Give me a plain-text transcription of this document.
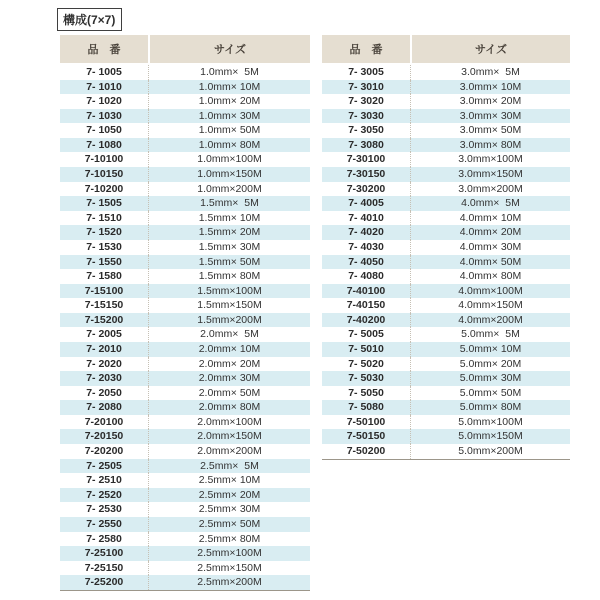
構成(7×7)
品　番	サイズ
7- 1005	1.0mm×  5M
7- 1010	1.0mm× 10M
7- 1020	1.0mm× 20M
7- 1030	1.0mm× 30M
7- 1050	1.0mm× 50M
7- 1080	1.0mm× 80M
7-10100	1.0mm×100M
7-10150	1.0mm×150M
7-10200	1.0mm×200M
7- 1505	1.5mm×  5M
7- 1510	1.5mm× 10M
7- 1520	1.5mm× 20M
7- 1530	1.5mm× 30M
7- 1550	1.5mm× 50M
7- 1580	1.5mm× 80M
7-15100	1.5mm×100M
7-15150	1.5mm×150M
7-15200	1.5mm×200M
7- 2005	2.0mm×  5M
7- 2010	2.0mm× 10M
7- 2020	2.0mm× 20M
7- 2030	2.0mm× 30M
7- 2050	2.0mm× 50M
7- 2080	2.0mm× 80M
7-20100	2.0mm×100M
7-20150	2.0mm×150M
7-20200	2.0mm×200M
7- 2505	2.5mm×  5M
7- 2510	2.5mm× 10M
7- 2520	2.5mm× 20M
7- 2530	2.5mm× 30M
7- 2550	2.5mm× 50M
7- 2580	2.5mm× 80M
7-25100	2.5mm×100M
7-25150	2.5mm×150M
7-25200	2.5mm×200M
品　番	サイズ
7- 3005	3.0mm×  5M
7- 3010	3.0mm× 10M
7- 3020	3.0mm× 20M
7- 3030	3.0mm× 30M
7- 3050	3.0mm× 50M
7- 3080	3.0mm× 80M
7-30100	3.0mm×100M
7-30150	3.0mm×150M
7-30200	3.0mm×200M
7- 4005	4.0mm×  5M
7- 4010	4.0mm× 10M
7- 4020	4.0mm× 20M
7- 4030	4.0mm× 30M
7- 4050	4.0mm× 50M
7- 4080	4.0mm× 80M
7-40100	4.0mm×100M
7-40150	4.0mm×150M
7-40200	4.0mm×200M
7- 5005	5.0mm×  5M
7- 5010	5.0mm× 10M
7- 5020	5.0mm× 20M
7- 5030	5.0mm× 30M
7- 5050	5.0mm× 50M
7- 5080	5.0mm× 80M
7-50100	5.0mm×100M
7-50150	5.0mm×150M
7-50200	5.0mm×200M
